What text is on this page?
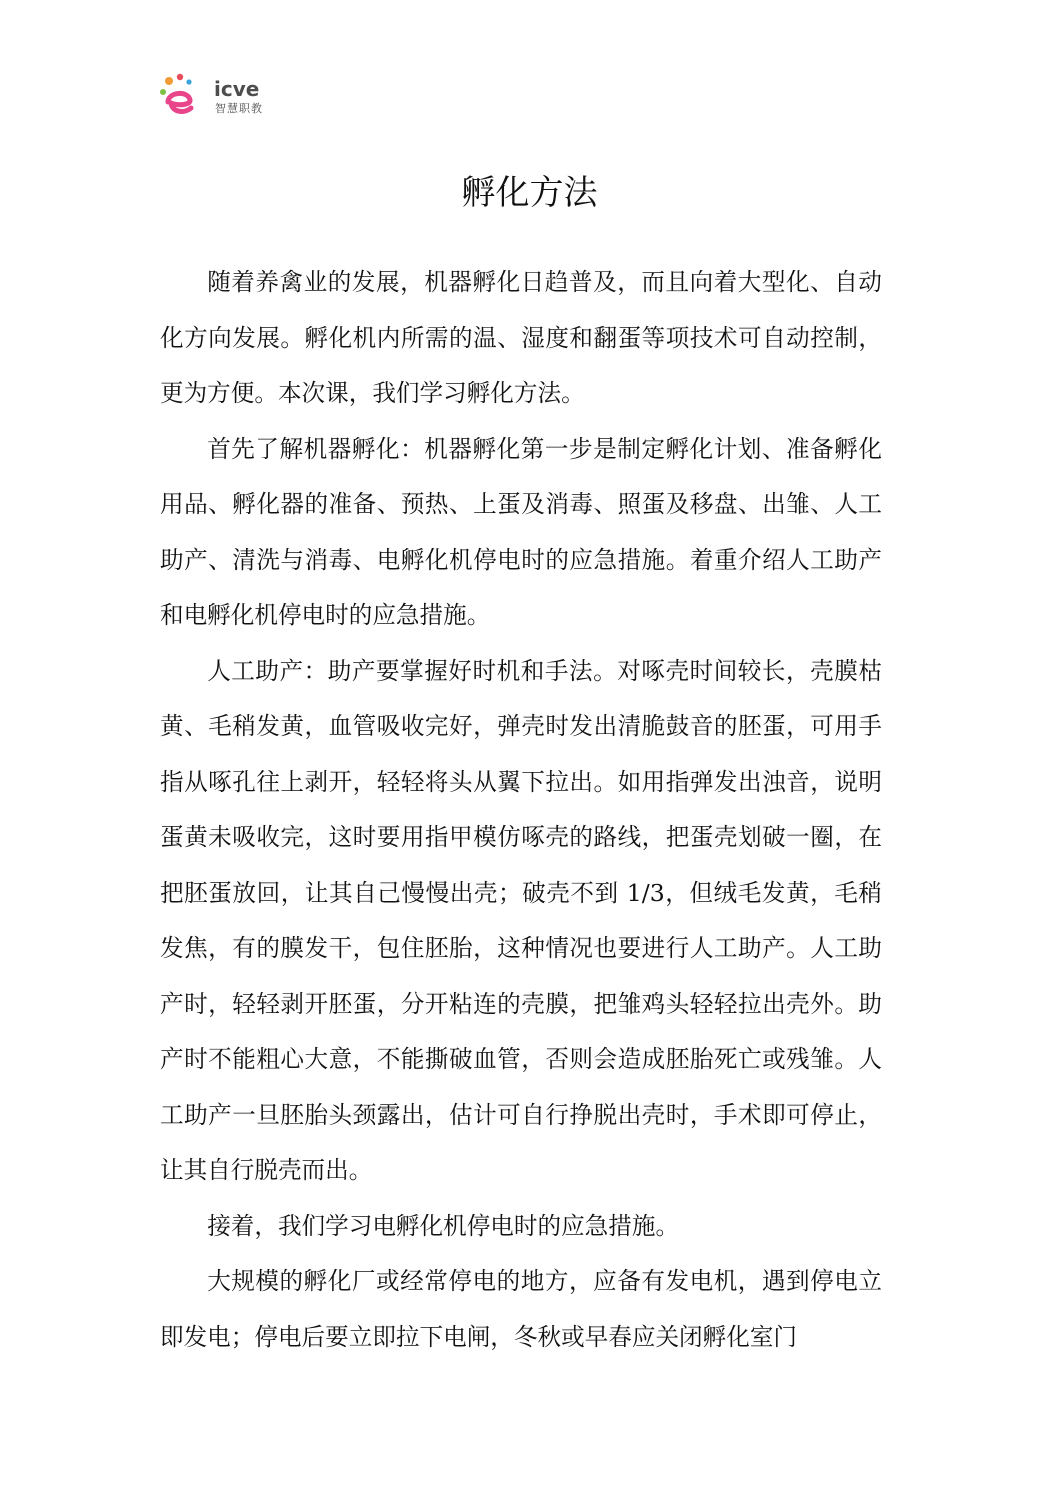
icve
智慧职教
孵化方法

随着养禽业的发展，机器孵化日趋普及，而且向着大型化、自动化方向发展。孵化机内所需的温、湿度和翻蛋等项技术可自动控制，更为方便。本次课，我们学习孵化方法。

首先了解机器孵化：机器孵化第一步是制定孵化计划、准备孵化用品、孵化器的准备、预热、上蛋及消毒、照蛋及移盘、出雏、人工助产、清洗与消毒、电孵化机停电时的应急措施。着重介绍人工助产和电孵化机停电时的应急措施。

人工助产：助产要掌握好时机和手法。对啄壳时间较长，壳膜枯黄、毛稍发黄，血管吸收完好，弹壳时发出清脆鼓音的胚蛋，可用手指从啄孔往上剥开，轻轻将头从翼下拉出。如用指弹发出浊音，说明蛋黄未吸收完，这时要用指甲模仿啄壳的路线，把蛋壳划破一圈，在把胚蛋放回，让其自己慢慢出壳；破壳不到 1/3，但绒毛发黄，毛稍发焦，有的膜发干，包住胚胎，这种情况也要进行人工助产。人工助产时，轻轻剥开胚蛋，分开粘连的壳膜，把雏鸡头轻轻拉出壳外。助产时不能粗心大意，不能撕破血管，否则会造成胚胎死亡或残雏。人工助产一旦胚胎头颈露出，估计可自行挣脱出壳时，手术即可停止，让其自行脱壳而出。

接着，我们学习电孵化机停电时的应急措施。

大规模的孵化厂或经常停电的地方，应备有发电机，遇到停电立即发电；停电后要立即拉下电闸，冬秋或早春应关闭孵化室门
